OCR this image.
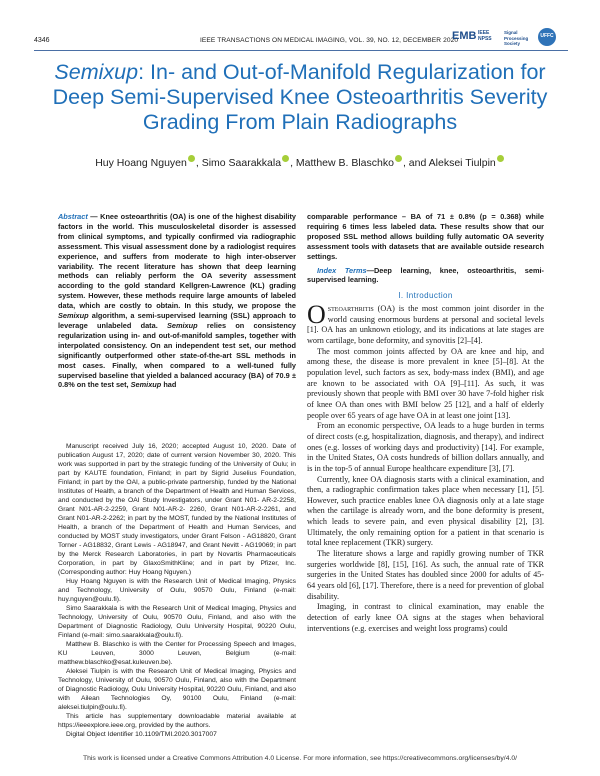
4346	IEEE TRANSACTIONS ON MEDICAL IMAGING, VOL. 39, NO. 12, DECEMBER 2020
EMB IEEE NPSS
Signal Processing Society
UFFC
Semixup: In- and Out-of-Manifold Regularization for Deep Semi-Supervised Knee Osteoarthritis Severity Grading From Plain Radiographs
Huy Hoang Nguyen , Simo Saarakkala , Matthew B. Blaschko , and Aleksei Tiulpin
Abstract — Knee osteoarthritis (OA) is one of the highest disability factors in the world. This musculoskeletal disorder is assessed from clinical symptoms, and typically confirmed via radiographic assessment. This visual assessment done by a radiologist requires experience, and suffers from moderate to high inter-observer variability. The recent literature has shown that deep learning methods can reliably perform the OA severity assessment according to the gold standard Kellgren-Lawrence (KL) grading system. However, these methods require large amounts of labeled data, which are costly to obtain. In this study, we propose the Semixup algorithm, a semi-supervised learning (SSL) approach to leverage unlabeled data. Semixup relies on consistency regularization using in- and out-of-manifold samples, together with interpolated consistency. On an independent test set, our method significantly outperformed other state-of-the-art SSL methods in most cases. Finally, when compared to a well-tuned fully supervised baseline that yielded a balanced accuracy (BA) of 70.9 ± 0.8% on the test set, Semixup had
comparable performance – BA of 71 ± 0.8% (p = 0.368) while requiring 6 times less labeled data. These results show that our proposed SSL method allows building fully automatic OA severity assessment tools with datasets that are available outside research settings.
Index Terms—Deep learning, knee, osteoarthritis, semi-supervised learning.

Manuscript received July 16, 2020; accepted August 10, 2020. Date of publication August 17, 2020; date of current version November 30, 2020. This work was supported in part by the strategic funding of the University of Oulu; in part by KAUTE foundation, Finland; in part by Sigrid Juselius Foundation, Finland; in part by the OAI, a public-private partnership, funded by the National Institutes of Health, a branch of the Department of Health and Human Services, and conducted by the OAI Study Investigators, under Grant N01- AR-2-2258, Grant N01-AR-2-2259, Grant N01-AR-2- 2260, Grant N01-AR-2-2261, and Grant N01-AR-2-2262; in part by the MOST, funded by the National Institutes of Health, a branch of the Department of Health and Human Services, and conducted by MOST study investigators, under Grant Felson - AG18820, Grant Torner - AG18832, Grant Lewis - AG18947, and Grant Nevitt - AG19069; in part by the Merck Research Laboratories, in part by Novartis Pharmaceuticals Corporation, in part by GlaxoSmithKline; and in part by Pfizer, Inc. (Corresponding author: Huy Hoang Nguyen.)

Huy Hoang Nguyen is with the Research Unit of Medical Imaging, Physics and Technology, University of Oulu, 90570 Oulu, Finland (e-mail: huy.nguyen@oulu.fi).

Simo Saarakkala is with the Research Unit of Medical Imaging, Physics and Technology, University of Oulu, 90570 Oulu, Finland, and also with the Department of Diagnostic Radiology, Oulu University Hospital, 90220 Oulu, Finland (e-mail: simo.saarakkala@oulu.fi).

Matthew B. Blaschko is with the Center for Processing Speech and Images, KU Leuven, 3000 Leuven, Belgium (e-mail: matthew.blaschko@esat.kuleuven.be).

Aleksei Tiulpin is with the Research Unit of Medical Imaging, Physics and Technology, University of Oulu, 90570 Oulu, Finland, also with the Department of Diagnostic Radiology, Oulu University Hospital, 90220 Oulu, Finland, and also with Ailean Technologies Oy, 90100 Oulu, Finland (e-mail: aleksei.tiulpin@oulu.fi).

This article has supplementary downloadable material available at https://ieeexplore.ieee.org, provided by the authors.

Digital Object Identifier 10.1109/TMI.2020.3017007

I. Introduction

Osteoarthritis (OA) is the most common joint disorder in the world causing enormous burdens at personal and societal levels [1]. OA has an unknown etiology, and its indications at late stages are worn cartilage, bone deformity, and synovitis [2]–[4].

The most common joints affected by OA are knee and hip, and among these, the disease is more prevalent in knee [5]–[8]. At the population level, such factors as sex, body-mass index (BMI), and age are known to be associated with OA [9]–[11]. As such, it was previously shown that people with BMI over 30 have 7-fold higher risk of knee OA than ones with BMI below 25 [12], and a half of elderly people over 65 years of age have OA in at least one joint [13].

From an economic perspective, OA leads to a huge burden in terms of direct costs (e.g, hospitalization, diagnosis, and therapy), and indirect ones (e.g. losses of working days and productivity) [14]. For example, in the United States, OA costs hundreds of billion dollars annually, and is in the top-5 of annual Europe healthcare expenditure [3], [7].

Currently, knee OA diagnosis starts with a clinical examination, and then, a radiographic confirmation takes place when necessary [1], [5]. However, such practice enables knee OA diagnosis only at a late stage when the cartilage is already worn, and the bone deformity is present, which leads to severe pain, and even physical disability [2], [3]. Ultimately, the only remaining option for a patient in that scenario is total knee replacement (TKR) surgery.

The literature shows a large and rapidly growing number of TKR surgeries worldwide [8], [15], [16]. As such, the annual rate of TKR surgeries in the United States has doubled since 2000 for adults of 45-64 years old [6], [17]. Therefore, there is a need for prevention of global disability.

Imaging, in contrast to clinical examination, may enable the detection of early knee OA signs at the stages when behavioral interventions (e.g. exercises and weight loss programs) could

This work is licensed under a Creative Commons Attribution 4.0 License. For more information, see https://creativecommons.org/licenses/by/4.0/
